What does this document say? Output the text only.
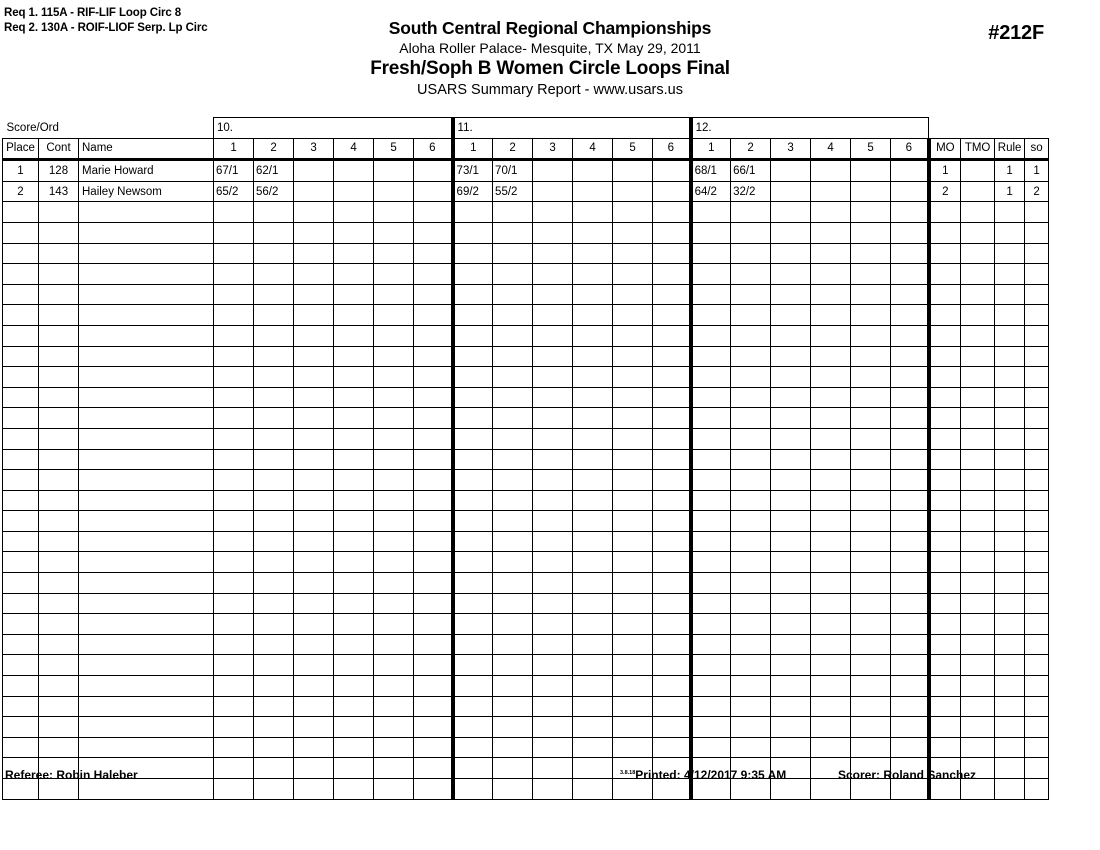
Req 1. 115A - RIF-LIF Loop Circ 8
Req 2. 130A - ROIF-LIOF Serp. Lp Circ	South Central Regional Championships
Aloha Roller Palace- Mesquite, TX May 29, 2011
Fresh/Soph B Women Circle Loops Final
USARS Summary Report - www.usars.us
#212F
Score/Ord			10.						11.						12.									
Place	Cont	Name	1	2	3	4	5	6	1	2	3	4	5	6	1	2	3	4	5	6	MO	TMO	Rule	so
1	128	Marie Howard	67/1	62/1					73/1	70/1					68/1	66/1					1		1	1
2	143	Hailey Newsom	65/2	56/2					69/2	55/2					64/2	32/2					2		1	2

Referee: Robin Haleber	$^{3.8.18}$Printed: 4/12/2017 9:35 AM	Scorer: Roland Sanchez
